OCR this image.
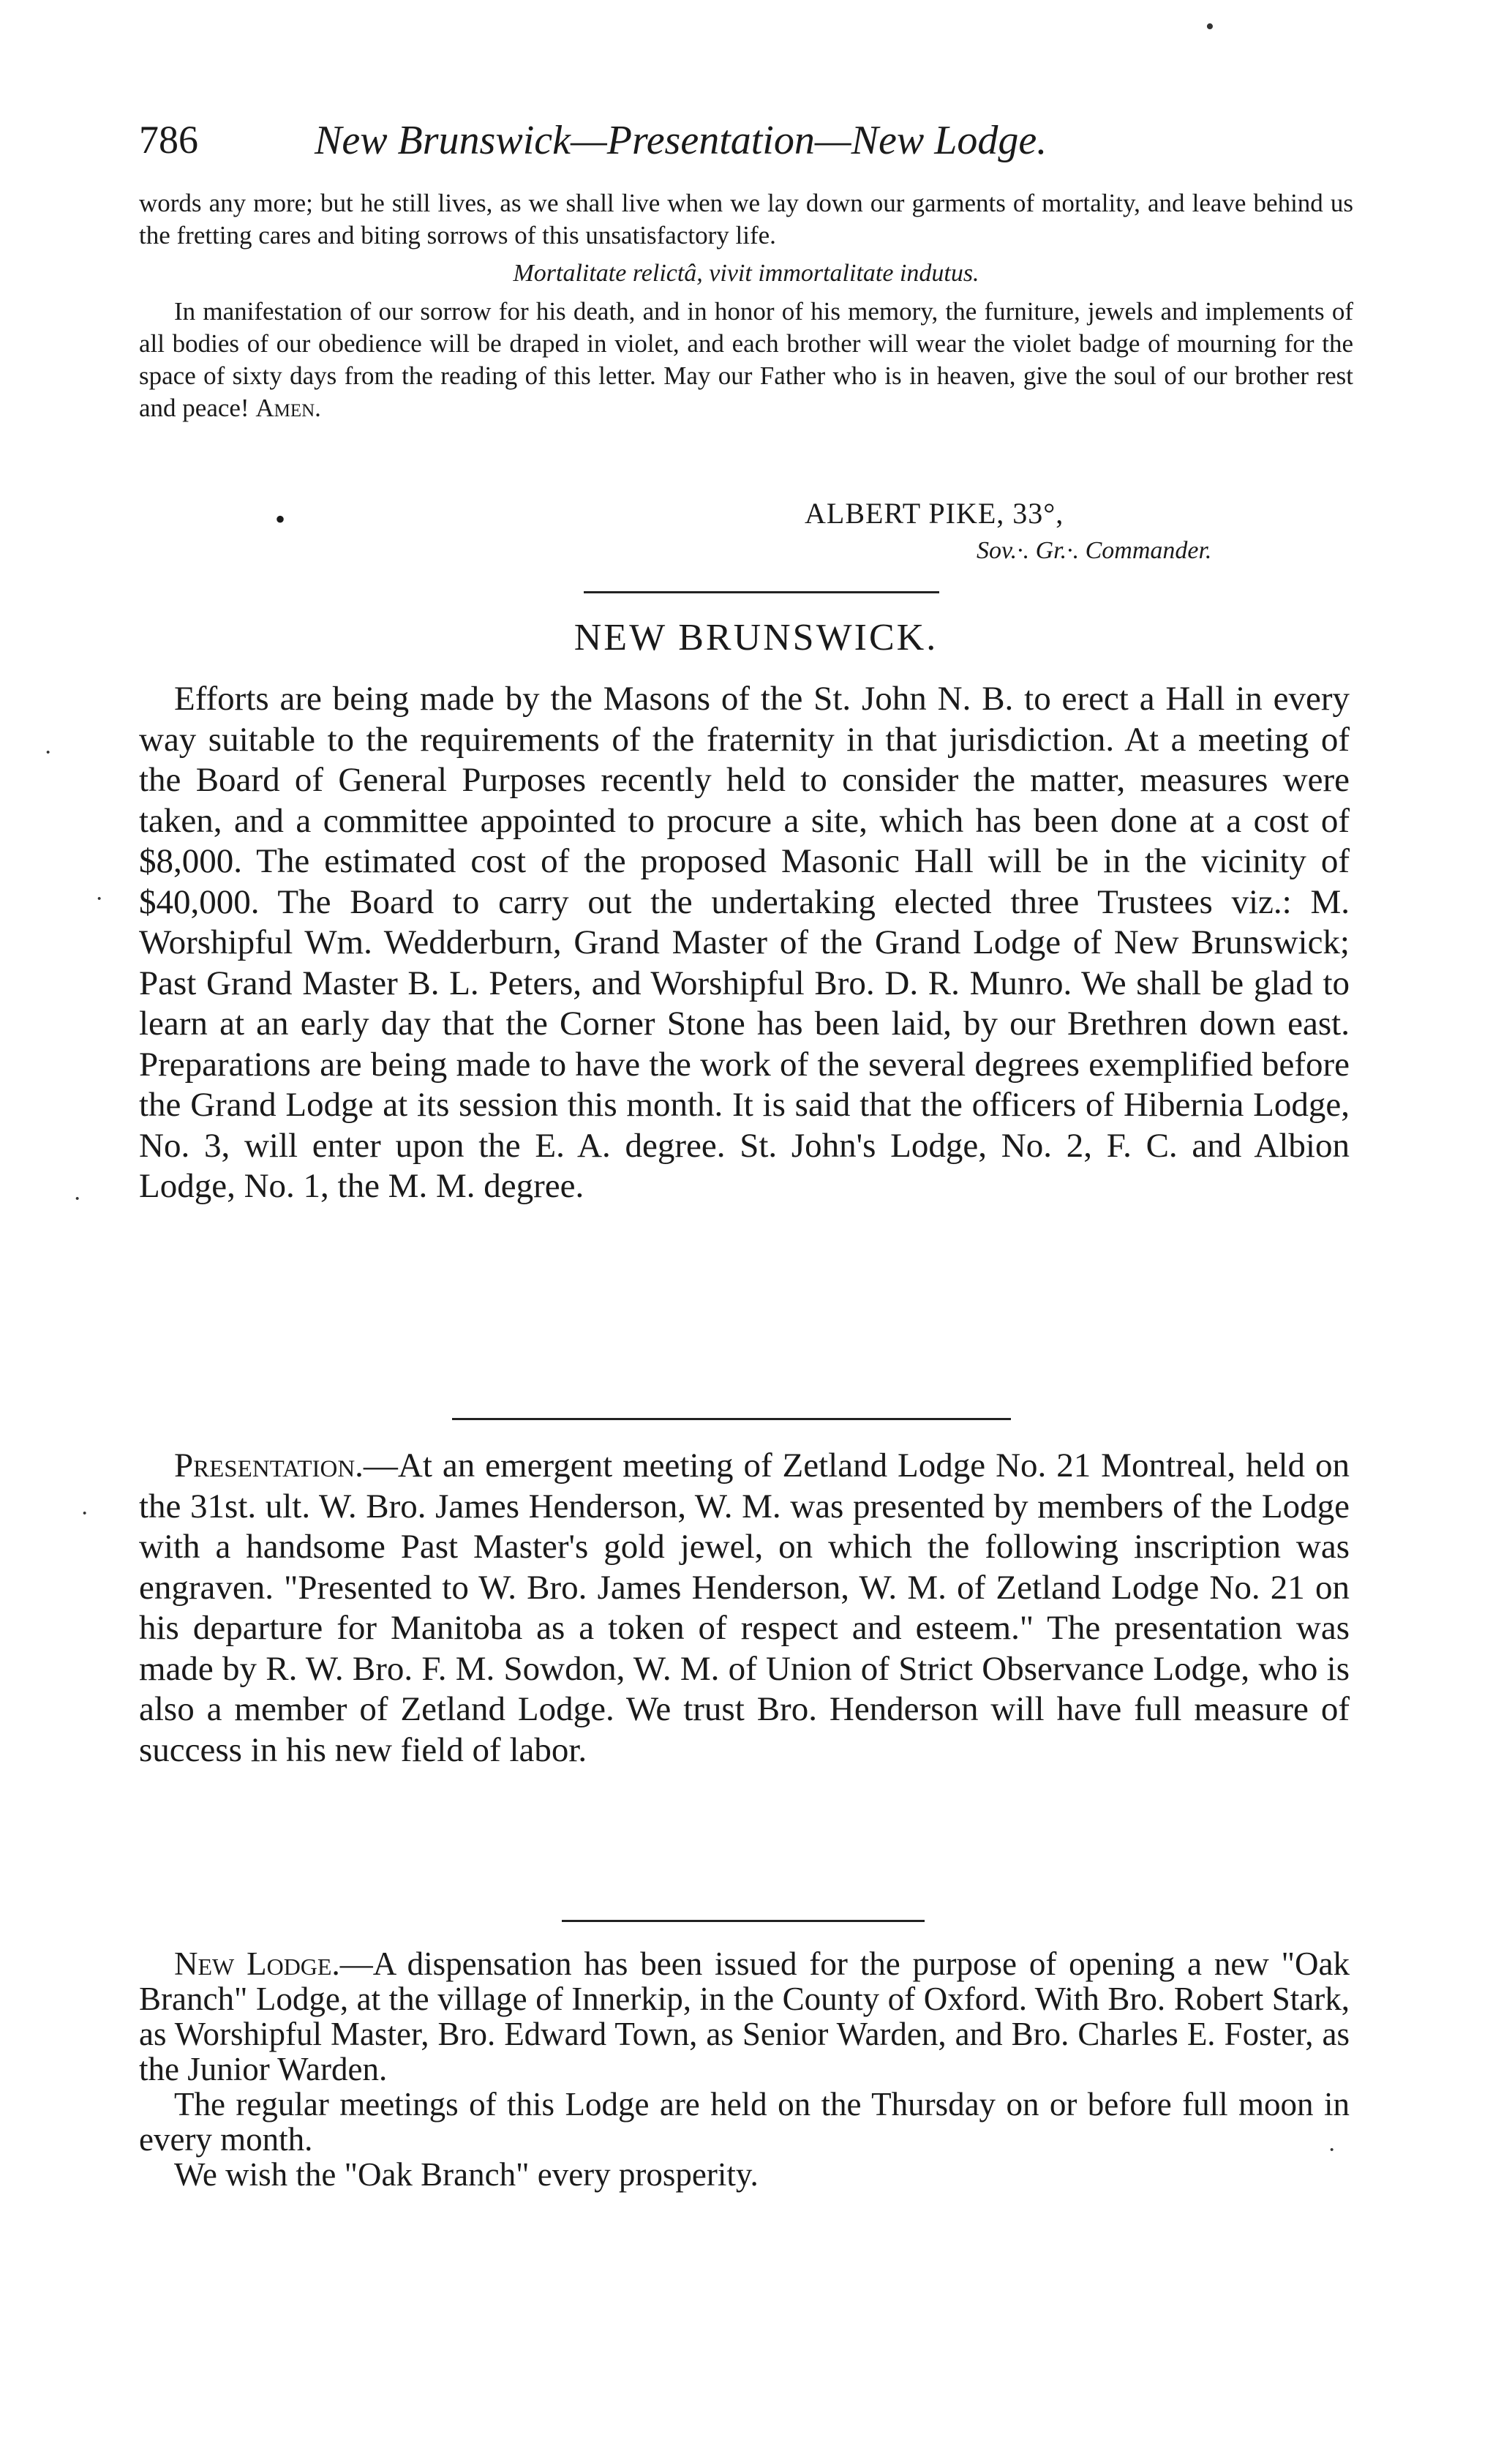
786	New Brunswick—Presentation—New Lodge.

words any more; but he still lives, as we shall live when we lay down our garments of mortality, and leave behind us the fretting cares and biting sorrows of this unsatisfactory life.

Mortalitate relictâ, vivit immortalitate indutus.

In manifestation of our sorrow for his death, and in honor of his memory, the furniture, jewels and implements of all bodies of our obedience will be draped in violet, and each brother will wear the violet badge of mourning for the space of sixty days from the reading of this letter. May our Father who is in heaven, give the soul of our brother rest and peace! Amen.

•	ALBERT PIKE, 33°,
Sov.·. Gr.·. Commander.
NEW BRUNSWICK.

Efforts are being made by the Masons of the St. John N. B. to erect a Hall in every way suitable to the requirements of the fraternity in that jurisdiction. At a meeting of the Board of General Purposes recently held to consider the matter, measures were taken, and a committee appointed to procure a site, which has been done at a cost of $8,000. The estimated cost of the proposed Masonic Hall will be in the vicinity of $40,000. The Board to carry out the undertaking elected three Trustees viz.: M. Worshipful Wm. Wedderburn, Grand Master of the Grand Lodge of New Brunswick; Past Grand Master B. L. Peters, and Worshipful Bro. D. R. Munro. We shall be glad to learn at an early day that the Corner Stone has been laid, by our Brethren down east. Preparations are being made to have the work of the several degrees exemplified before the Grand Lodge at its session this month. It is said that the officers of Hibernia Lodge, No. 3, will enter upon the E. A. degree. St. John's Lodge, No. 2, F. C. and Albion Lodge, No. 1, the M. M. degree.

Presentation.—At an emergent meeting of Zetland Lodge No. 21 Montreal, held on the 31st. ult. W. Bro. James Henderson, W. M. was presented by members of the Lodge with a handsome Past Master's gold jewel, on which the following inscription was engraven. "Presented to W. Bro. James Henderson, W. M. of Zetland Lodge No. 21 on his departure for Manitoba as a token of respect and esteem." The presentation was made by R. W. Bro. F. M. Sowdon, W. M. of Union of Strict Observance Lodge, who is also a member of Zetland Lodge. We trust Bro. Henderson will have full measure of success in his new field of labor.

New Lodge.—A dispensation has been issued for the purpose of opening a new "Oak Branch" Lodge, at the village of Innerkip, in the County of Oxford. With Bro. Robert Stark, as Worshipful Master, Bro. Edward Town, as Senior Warden, and Bro. Charles E. Foster, as the Junior Warden.

The regular meetings of this Lodge are held on the Thursday on or before full moon in every month.

We wish the "Oak Branch" every prosperity.

•
·
·
·
·
·
